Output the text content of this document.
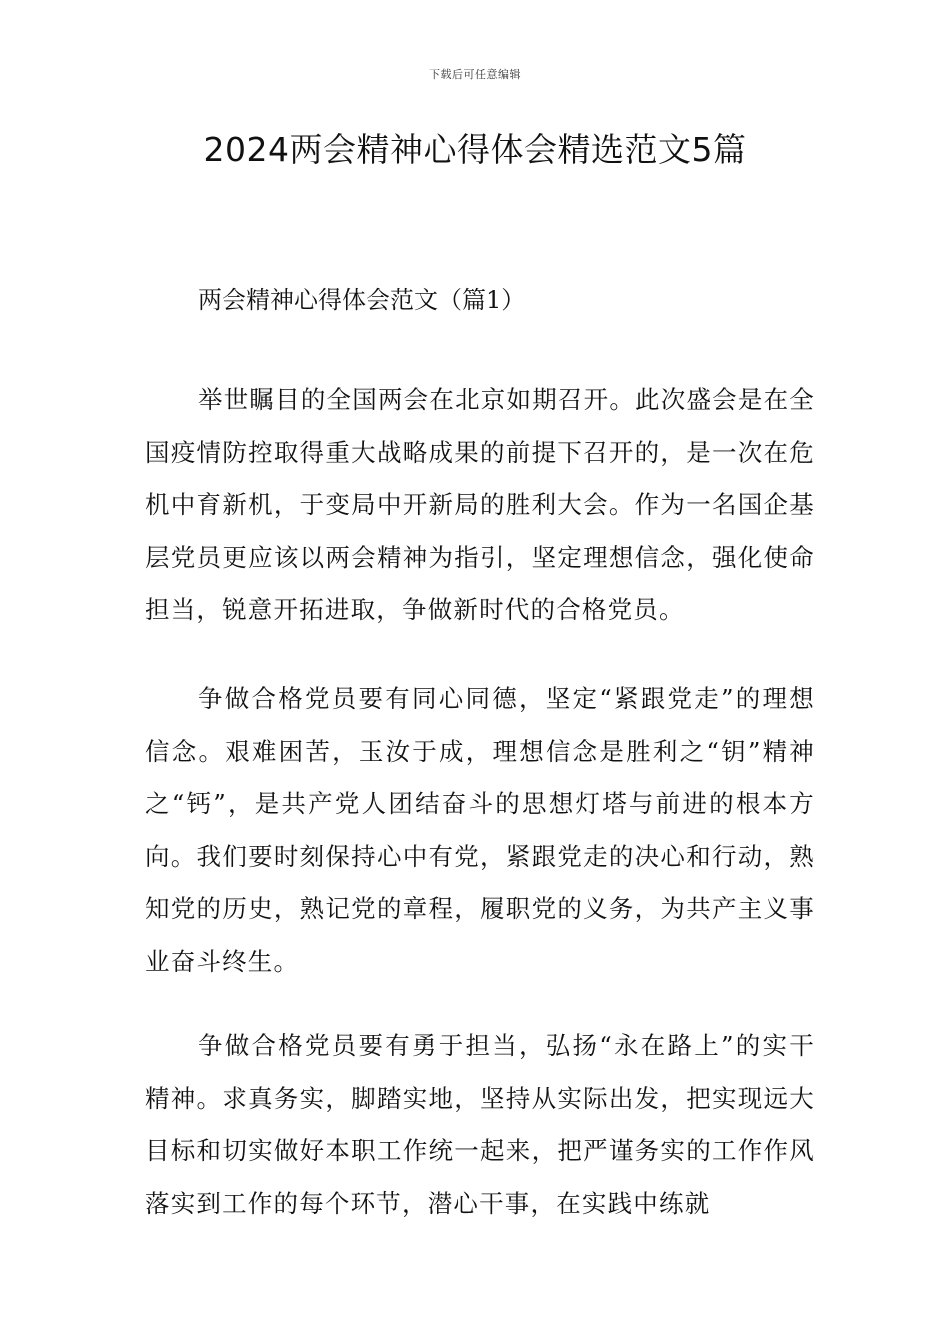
下载后可任意编辑
2024两会精神心得体会精选范文5篇
两会精神心得体会范文（篇1）

举世瞩目的全国两会在北京如期召开。此次盛会是在全国疫情防控取得重大战略成果的前提下召开的，是一次在危机中育新机，于变局中开新局的胜利大会。作为一名国企基层党员更应该以两会精神为指引，坚定理想信念，强化使命担当，锐意开拓进取，争做新时代的合格党员。

争做合格党员要有同心同德，坚定“紧跟党走”的理想信念。艰难困苦，玉汝于成，理想信念是胜利之“钥”精神之“钙”，是共产党人团结奋斗的思想灯塔与前进的根本方向。我们要时刻保持心中有党，紧跟党走的决心和行动，熟知党的历史，熟记党的章程，履职党的义务，为共产主义事业奋斗终生。

争做合格党员要有勇于担当，弘扬“永在路上”的实干精神。求真务实，脚踏实地，坚持从实际出发，把实现远大目标和切实做好本职工作统一起来，把严谨务实的工作作风落实到工作的每个环节，潜心干事，在实践中练就
